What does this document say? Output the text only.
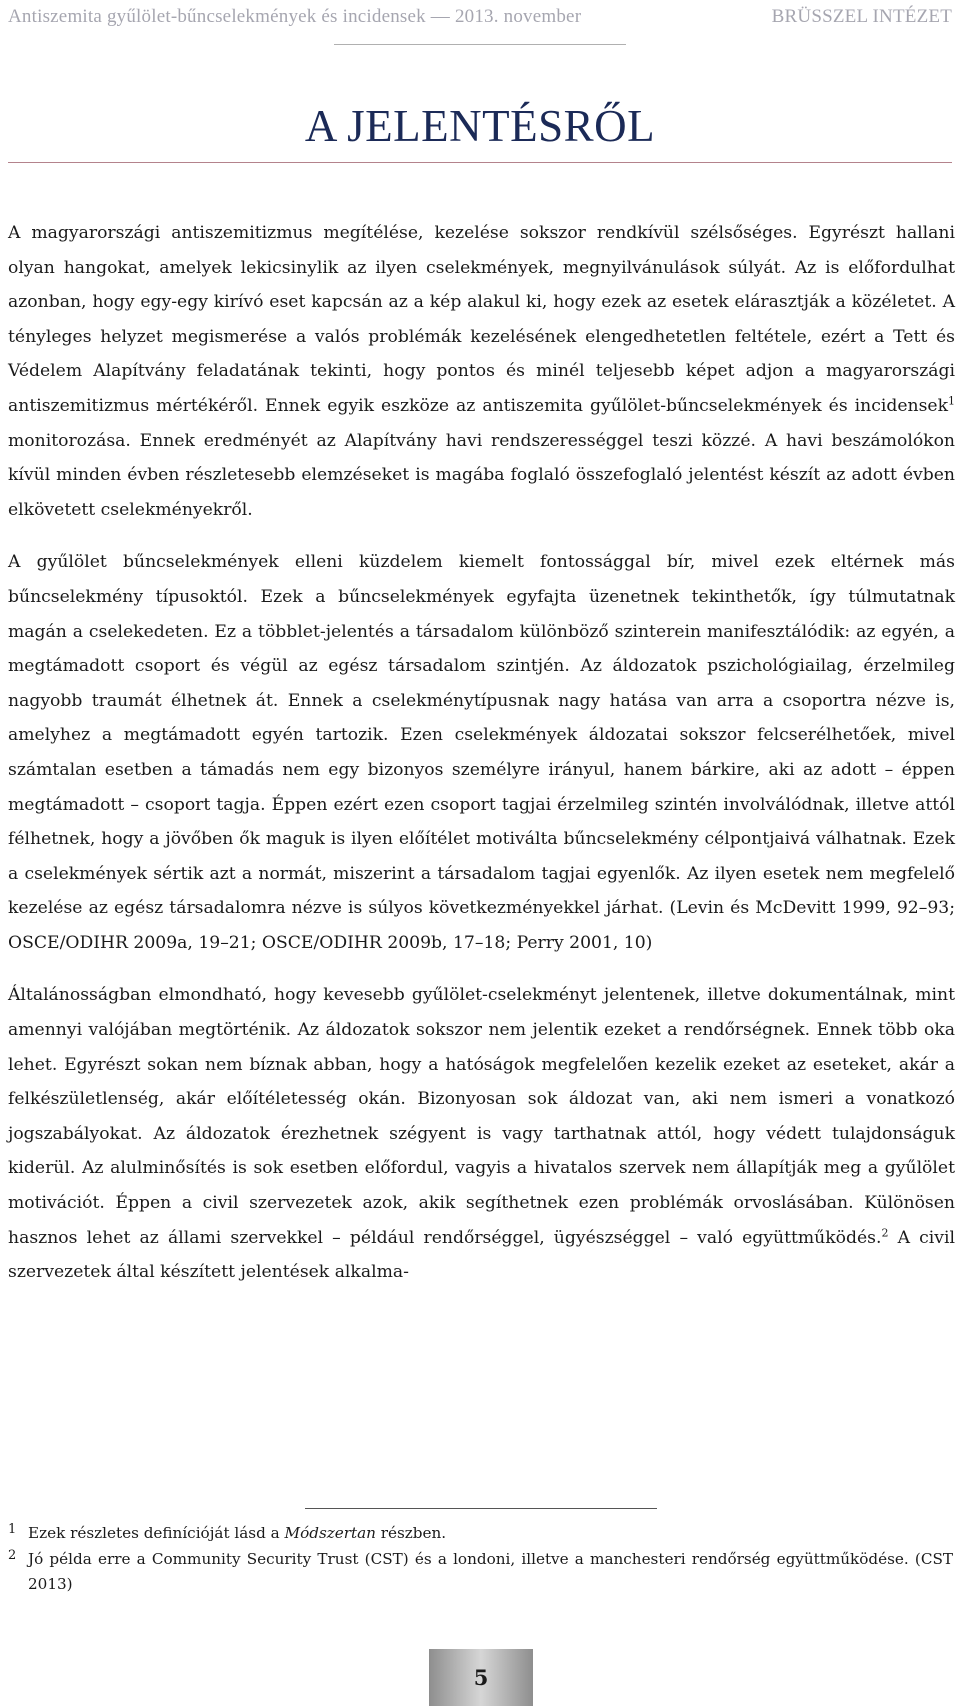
Antiszemita gyűlölet-bűncselekmények és incidensek — 2013. november	BRÜSSZEL INTÉZET
A JELENTÉSRŐL

A magyarországi antiszemitizmus megítélése, kezelése sokszor rendkívül szélsőséges. Egyrészt hallani olyan hangokat, amelyek lekicsinylik az ilyen cselekmények, megnyilvánulások súlyát. Az is előfordulhat azonban, hogy egy-egy kirívó eset kapcsán az a kép alakul ki, hogy ezek az esetek elárasztják a közéletet. A tényleges helyzet megismerése a valós problémák kezelésének elengedhetetlen feltétele, ezért a Tett és Védelem Alapítvány feladatának tekinti, hogy pontos és minél teljesebb képet adjon a magyarországi antiszemitizmus mértékéről. Ennek egyik eszköze az antiszemita gyűlölet-bűncselekmények és incidensek$^1$ monitorozása. Ennek eredményét az Alapítvány havi rendszerességgel teszi közzé. A havi beszámolókon kívül minden évben részletesebb elemzéseket is magába foglaló összefoglaló jelentést készít az adott évben elkövetett cselekményekről.

A gyűlölet bűncselekmények elleni küzdelem kiemelt fontossággal bír, mivel ezek eltérnek más bűncselekmény típusoktól. Ezek a bűncselekmények egyfajta üzenetnek tekinthetők, így túlmutatnak magán a cselekedeten. Ez a többlet-jelentés a társadalom különböző szinterein manifesztálódik: az egyén, a megtámadott csoport és végül az egész társadalom szintjén. Az áldozatok pszichológiailag, érzelmileg nagyobb traumát élhetnek át. Ennek a cselekménytípusnak nagy hatása van arra a csoportra nézve is, amelyhez a megtámadott egyén tartozik. Ezen cselekmények áldozatai sokszor felcserélhetőek, mivel számtalan esetben a támadás nem egy bizonyos személyre irányul, hanem bárkire, aki az adott – éppen megtámadott – csoport tagja. Éppen ezért ezen csoport tagjai érzelmileg szintén involválódnak, illetve attól félhetnek, hogy a jövőben ők maguk is ilyen előítélet motiválta bűncselekmény célpontjaivá válhatnak. Ezek a cselekmények sértik azt a normát, miszerint a társadalom tagjai egyenlők. Az ilyen esetek nem megfelelő kezelése az egész társadalomra nézve is súlyos következményekkel járhat. (Levin és McDevitt 1999, 92–93; OSCE/ODIHR 2009a, 19–21; OSCE/ODIHR 2009b, 17–18; Perry 2001, 10)

Általánosságban elmondható, hogy kevesebb gyűlölet-cselekményt jelentenek, illetve dokumentálnak, mint amennyi valójában megtörténik. Az áldozatok sokszor nem jelentik ezeket a rendőrségnek. Ennek több oka lehet. Egyrészt sokan nem bíznak abban, hogy a hatóságok megfelelően kezelik ezeket az eseteket, akár a felkészületlenség, akár előítéletesség okán. Bizonyosan sok áldozat van, aki nem ismeri a vonatkozó jogszabályokat. Az áldozatok érezhetnek szégyent is vagy tarthatnak attól, hogy védett tulajdonságuk kiderül. Az alulminősítés is sok esetben előfordul, vagyis a hivatalos szervek nem állapítják meg a gyűlölet motivációt. Éppen a civil szervezetek azok, akik segíthetnek ezen problémák orvoslásában. Különösen hasznos lehet az állami szervekkel – például rendőrséggel, ügyészséggel – való együttműködés.$^2$ A civil szervezetek által készített jelentések alkalma-

1 Ezek részletes definícióját lásd a Módszertan részben.
2 Jó példa erre a Community Security Trust (CST) és a londoni, illetve a manchesteri rendőrség együttműködése. (CST 2013)
5
